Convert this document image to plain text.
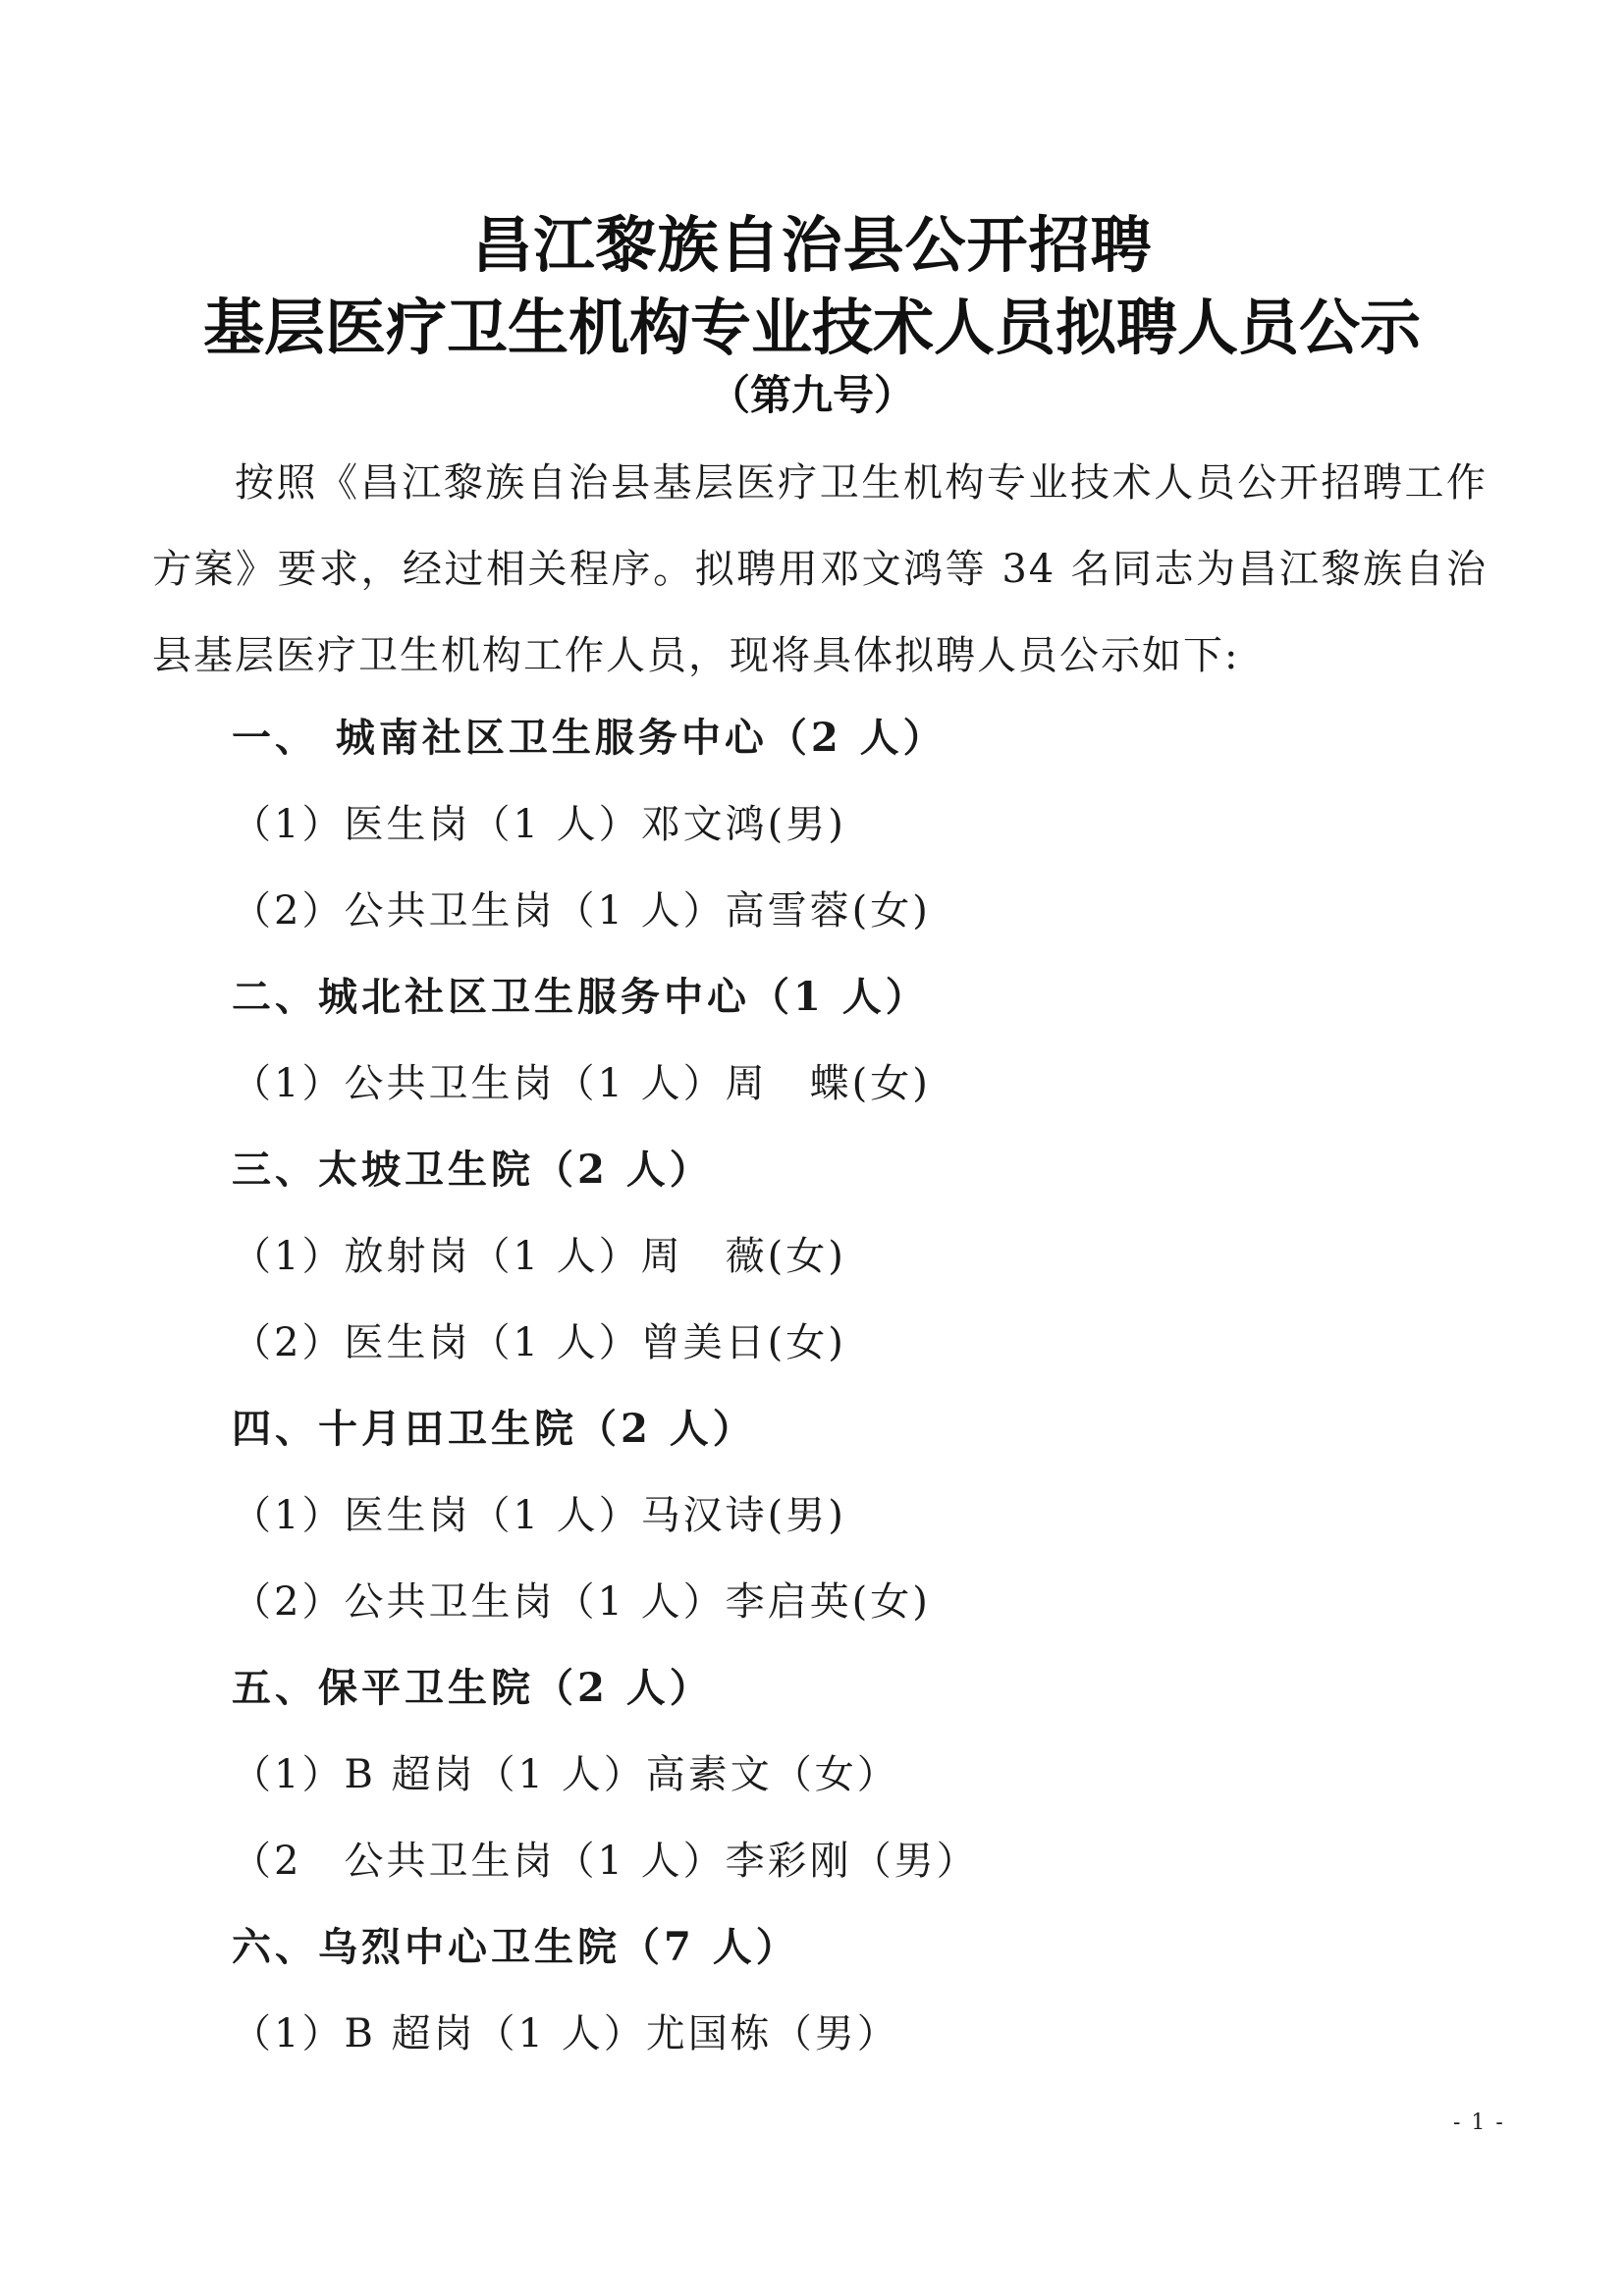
昌江黎族自治县公开招聘
基层医疗卫生机构专业技术人员拟聘人员公示
（第九号）
按照《昌江黎族自治县基层医疗卫生机构专业技术人员公开招聘工作方案》要求，经过相关程序。拟聘用邓文鸿等 34 名同志为昌江黎族自治县基层医疗卫生机构工作人员，现将具体拟聘人员公示如下:
一、 城南社区卫生服务中心（2 人）
（1）医生岗（1 人）邓文鸿(男)
（2）公共卫生岗（1 人）高雪蓉(女)
二、城北社区卫生服务中心（1 人）
（1）公共卫生岗（1 人）周　蝶(女)
三、太坡卫生院（2 人）
（1）放射岗（1 人）周　薇(女)
（2）医生岗（1 人）曾美日(女)
四、十月田卫生院（2 人）
（1）医生岗（1 人）马汉诗(男)
（2）公共卫生岗（1 人）李启英(女)
五、保平卫生院（2 人）
（1）B 超岗（1 人）高素文（女）
（2　公共卫生岗（1 人）李彩刚（男）
六、乌烈中心卫生院（7 人）
（1）B 超岗（1 人）尤国栋（男）
- 1 -
